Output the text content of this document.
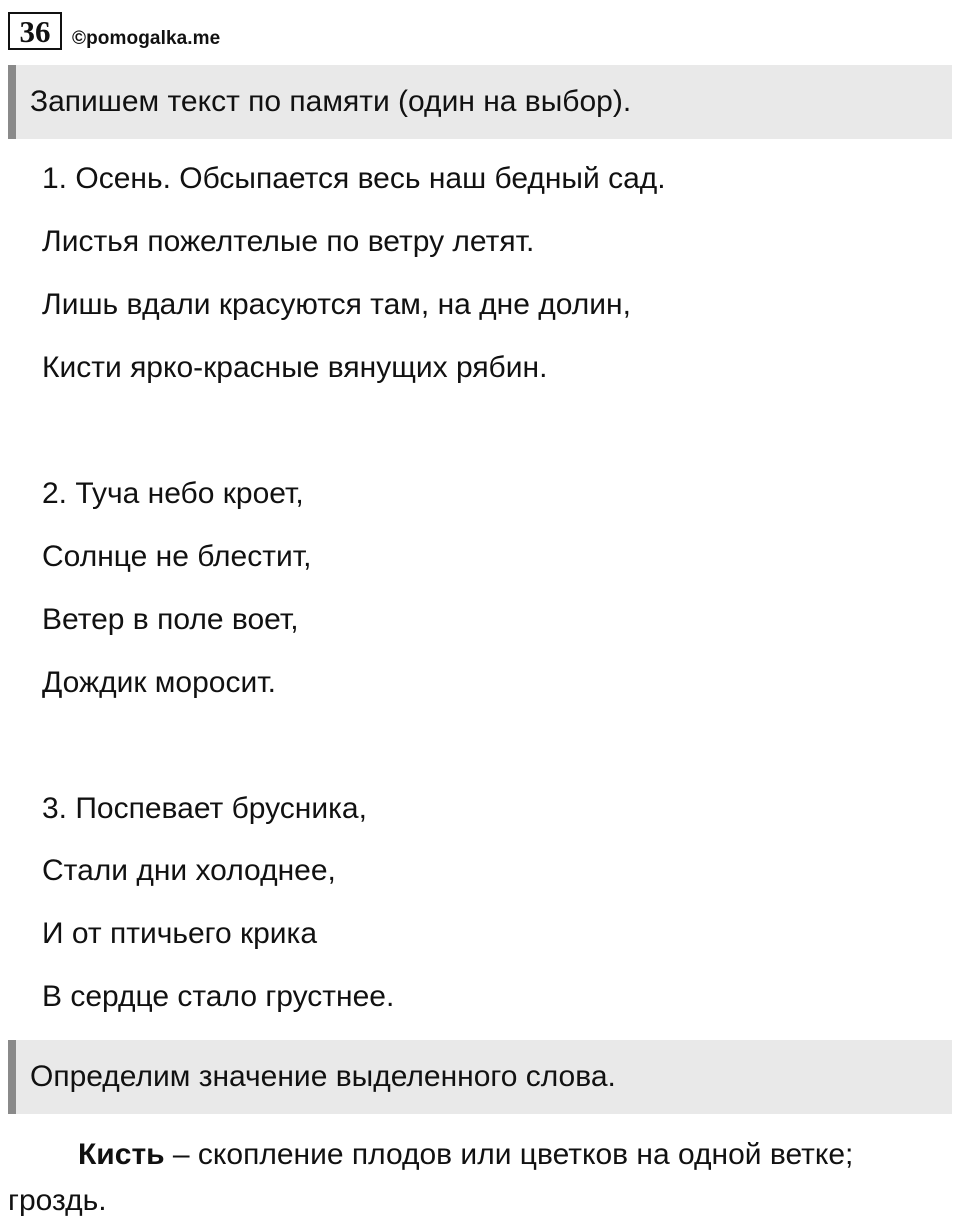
36	©pomogalka.me
Запишем текст по памяти (один на выбор).
1. Осень. Обсыпается весь наш бедный сад.
Листья пожелтелые по ветру летят.
Лишь вдали красуются там, на дне долин,
Кисти ярко-красные вянущих рябин.
2. Туча небо кроет,
Солнце не блестит,
Ветер в поле воет,
Дождик моросит.
3. Поспевает брусника,
Стали дни холоднее,
И от птичьего крика
В сердце стало грустнее.
Определим значение выделенного слова.
Кисть – скопление плодов или цветков на одной ветке; гроздь.
